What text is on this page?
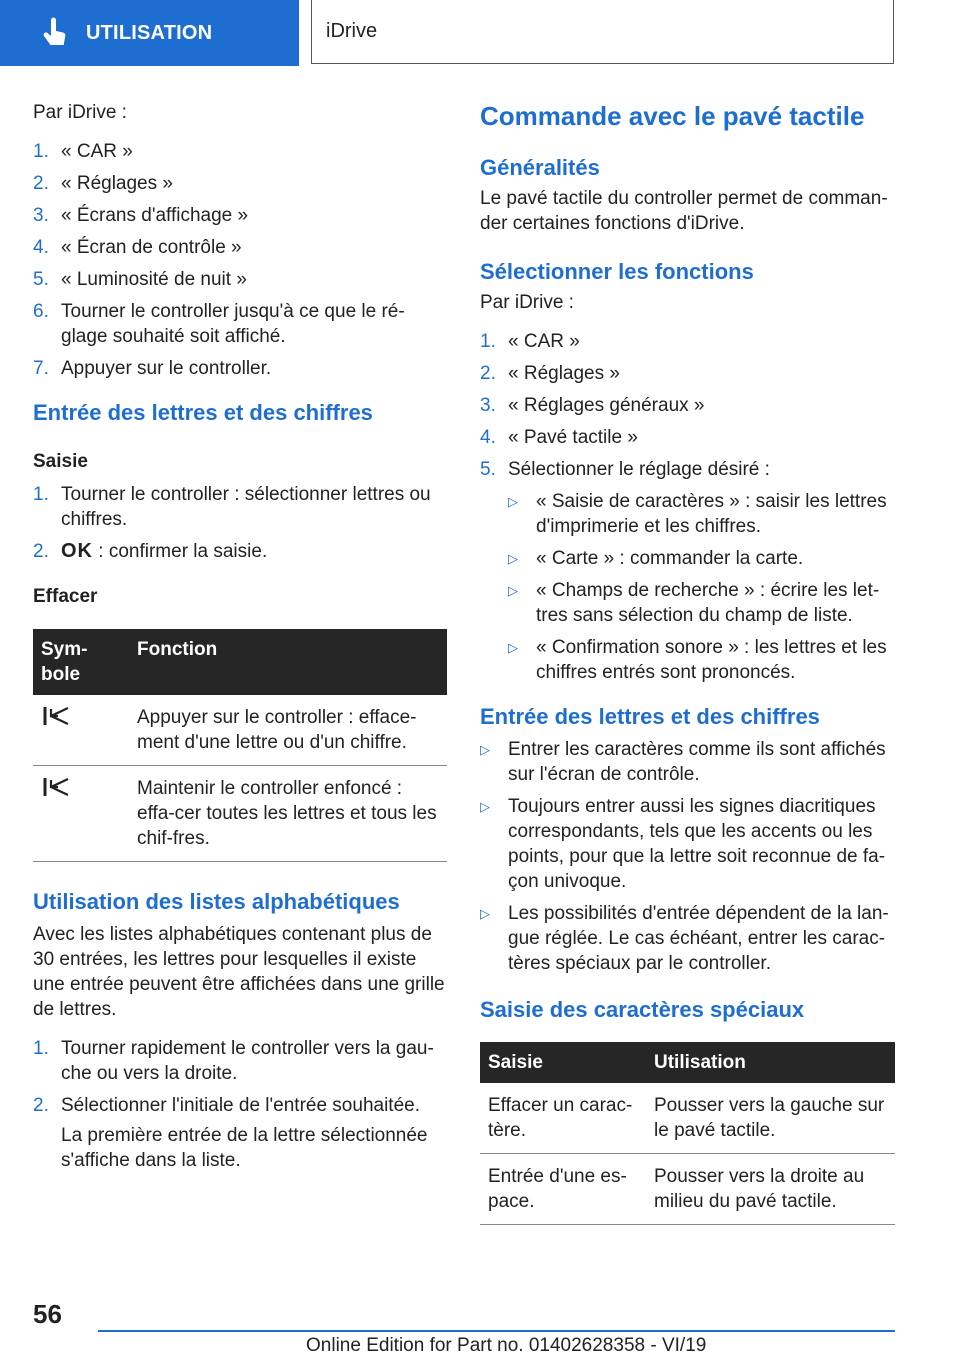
UTILISATION	iDrive

Par iDrive :

1. « CAR »
2. « Réglages »
3. « Écrans d'affichage »
4. « Écran de contrôle »
5. « Luminosité de nuit »
6. Tourner le controller jusqu'à ce que le ré-glage souhaité soit affiché.
7. Appuyer sur le controller.

Entrée des lettres et des chiffres

Saisie

1. Tourner le controller : sélectionner lettres ou chiffres.
2. OK : confirmer la saisie.

Effacer

Sym-bole	Fonction
	Appuyer sur le controller : efface-ment d'une lettre ou d'un chiffre.
	Maintenir le controller enfoncé : effa-cer toutes les lettres et tous les chif-fres.

Utilisation des listes alphabétiques

Avec les listes alphabétiques contenant plus de 30 entrées, les lettres pour lesquelles il existe une entrée peuvent être affichées dans une grille de lettres.

1. Tourner rapidement le controller vers la gau-che ou vers la droite.
2. Sélectionner l'initiale de l'entrée souhaitée.

La première entrée de la lettre sélectionnée s'affiche dans la liste.

Commande avec le pavé tactile

Généralités

Le pavé tactile du controller permet de comman-der certaines fonctions d'iDrive.

Sélectionner les fonctions

Par iDrive :

1. « CAR »
2. « Réglages »
3. « Réglages généraux »
4. « Pavé tactile »
5. Sélectionner le réglage désiré :
▷ « Saisie de caractères » : saisir les lettres d'imprimerie et les chiffres.
▷ « Carte » : commander la carte.
▷ « Champs de recherche » : écrire les let-tres sans sélection du champ de liste.
▷ « Confirmation sonore » : les lettres et les chiffres entrés sont prononcés.

Entrée des lettres et des chiffres

▷ Entrer les caractères comme ils sont affichés sur l'écran de contrôle.
▷ Toujours entrer aussi les signes diacritiques correspondants, tels que les accents ou les points, pour que la lettre soit reconnue de fa-çon univoque.
▷ Les possibilités d'entrée dépendent de la lan-gue réglée. Le cas échéant, entrer les carac-tères spéciaux par le controller.

Saisie des caractères spéciaux

Saisie	Utilisation
Effacer un carac-tère.	Pousser vers la gauche sur le pavé tactile.
Entrée d'une es-pace.	Pousser vers la droite au milieu du pavé tactile.
56
Online Edition for Part no. 01402628358 - VI/19
